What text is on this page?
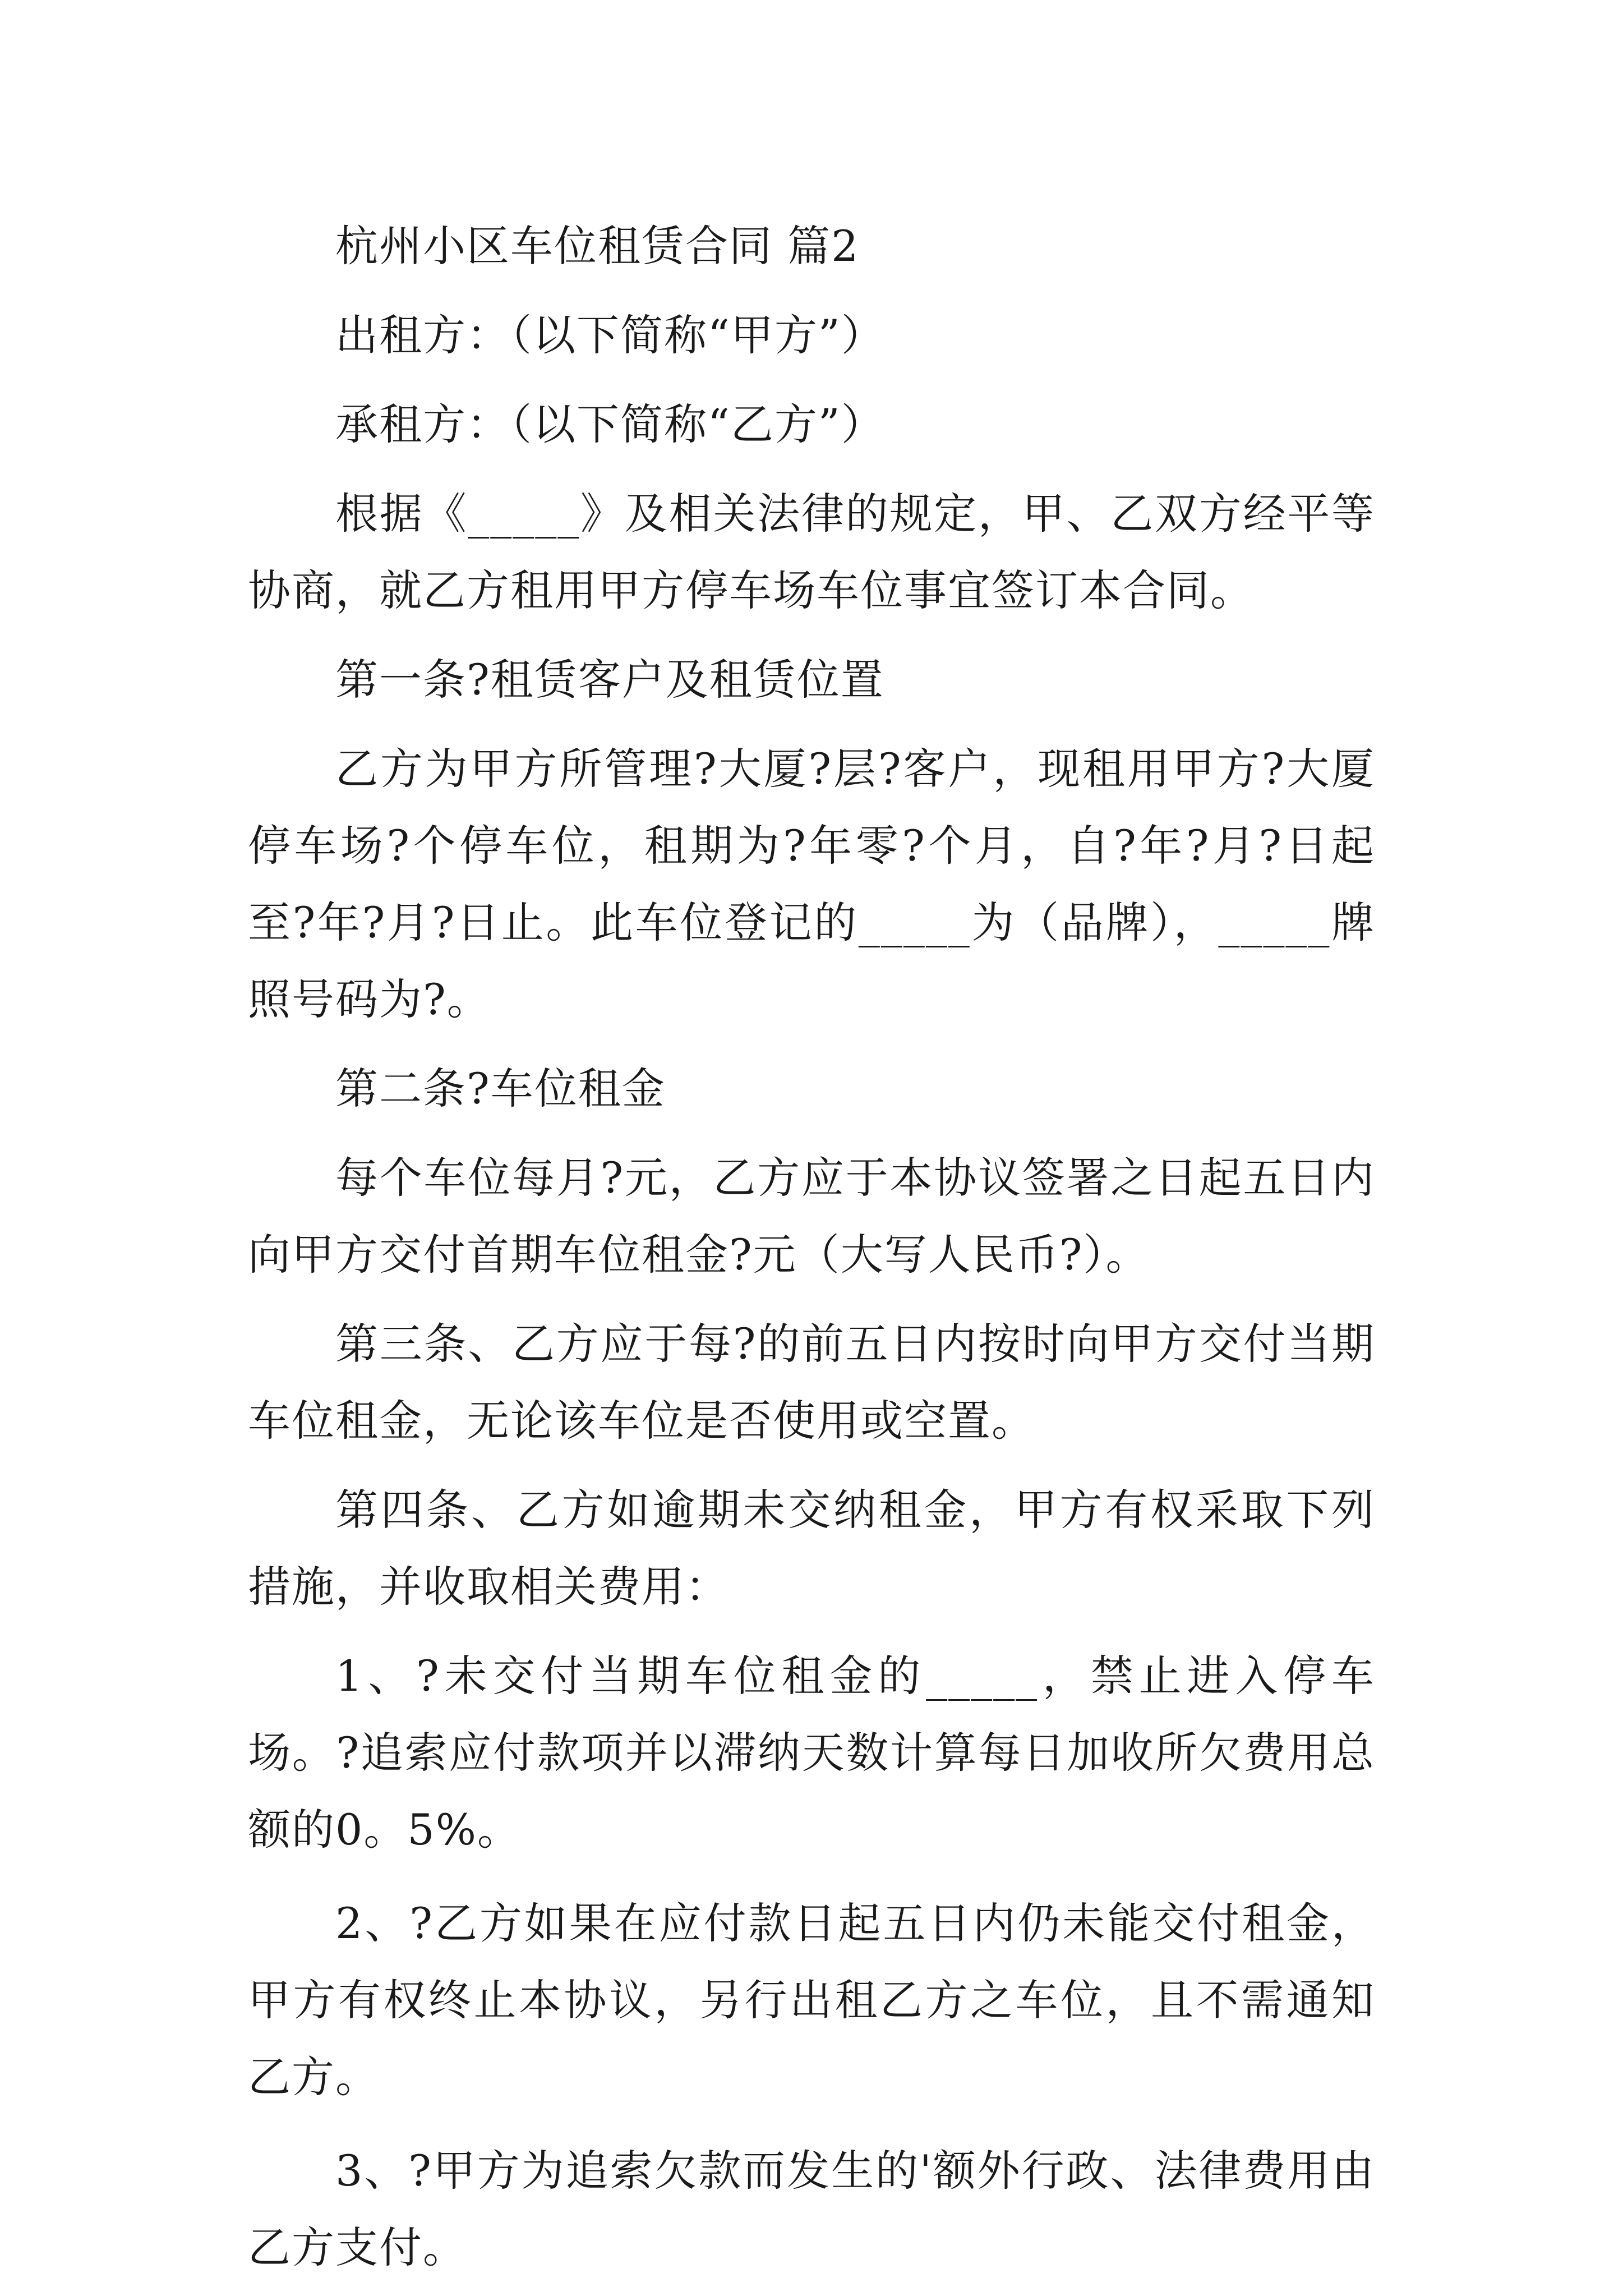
杭州小区车位租赁合同 篇2

出租方：（以下简称“甲方”）

承租方：（以下简称“乙方”）

根据《_____》及相关法律的规定，甲、乙双方经平等协商，就乙方租用甲方停车场车位事宜签订本合同。

第一条?租赁客户及租赁位置

乙方为甲方所管理?大厦?层?客户，现租用甲方?大厦停车场?个停车位，租期为?年零?个月，自?年?月?日起至?年?月?日止。此车位登记的_____为（品牌），_____牌照号码为?。

第二条?车位租金

每个车位每月?元，乙方应于本协议签署之日起五日内向甲方交付首期车位租金?元（大写人民币?）。

第三条、乙方应于每?的前五日内按时向甲方交付当期车位租金，无论该车位是否使用或空置。

第四条、乙方如逾期未交纳租金，甲方有权采取下列措施，并收取相关费用：

1、?未交付当期车位租金的_____，禁止进入停车场。?追索应付款项并以滞纳天数计算每日加收所欠费用总额的0。5%。

2、?乙方如果在应付款日起五日内仍未能交付租金，甲方有权终止本协议，另行出租乙方之车位，且不需通知乙方。

3、?甲方为追索欠款而发生的'额外行政、法律费用由乙方支付。
